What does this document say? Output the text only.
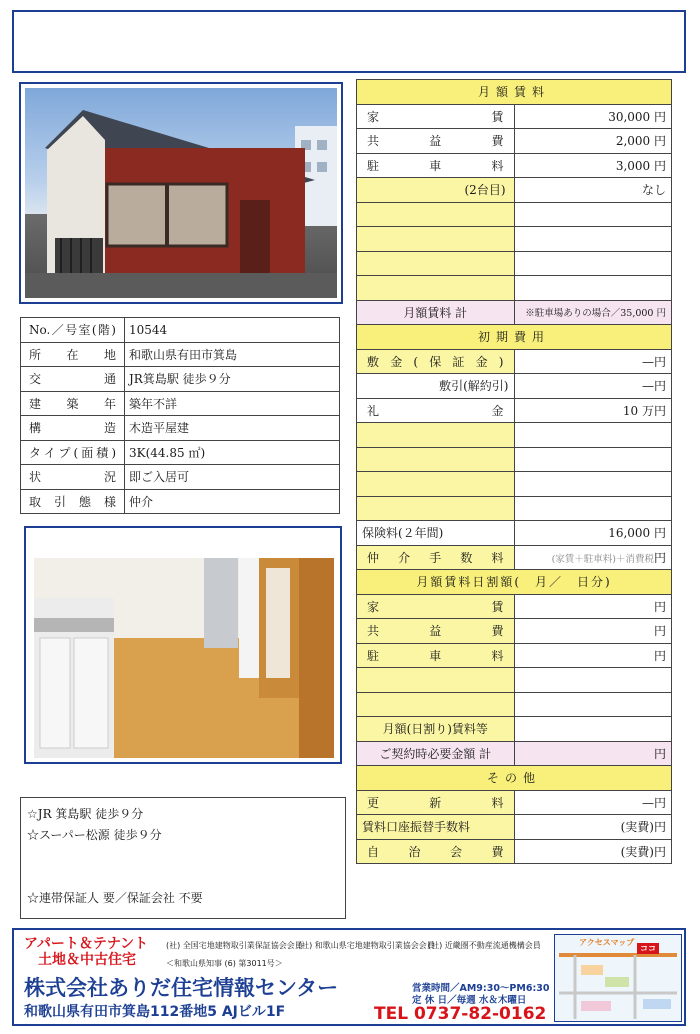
No.／号室(階)	10544
所在地	和歌山県有田市箕島
交通	JR箕島駅 徒歩９分
建築年	築年不詳
構造	木造平屋建
タイプ(面積)	3K(44.85 ㎡)
状況	即ご入居可
取引態様	仲介
月額賃料	
家賃	30,000 円
共益費	2,000 円
駐車料	3,000 円
(2台目)	なし

月額賃料 計	※駐車場ありの場合／35,000 円
初期費用	
敷金(保証金)	—円
敷引(解約引)	—円
礼金	10 万円

保険料(２年間)	16,000 円
仲介手数料	(家賃＋駐車料)＋消費税円
月額賃料日割額(　月／　日分)	
家賃	円
共益費	円
駐車料	円

月額(日割り)賃料等	
ご契約時必要金額 計	円
その他	
更新料	—円
賃料口座振替手数料	(実費)円
自治会費	(実費)円
☆JR 箕島駅 徒歩９分
☆スーパー松源 徒歩９分
☆連帯保証人 要／保証会社 不要
アパート＆テナント
土地＆中古住宅
(社) 全国宅地建物取引業保証協会会員
(社) 和歌山県宅地建物取引業協会会員
(社) 近畿圏不動産流通機構会員
＜和歌山県知事 (6) 第3011号＞
株式会社ありだ住宅情報センター
和歌山県有田市箕島112番地5 AJビル1F
営業時間／AM9:30～PM6:30
定 休 日／毎週 水＆木曜日
TEL 0737-82-0162
アクセスマップ
ココ
